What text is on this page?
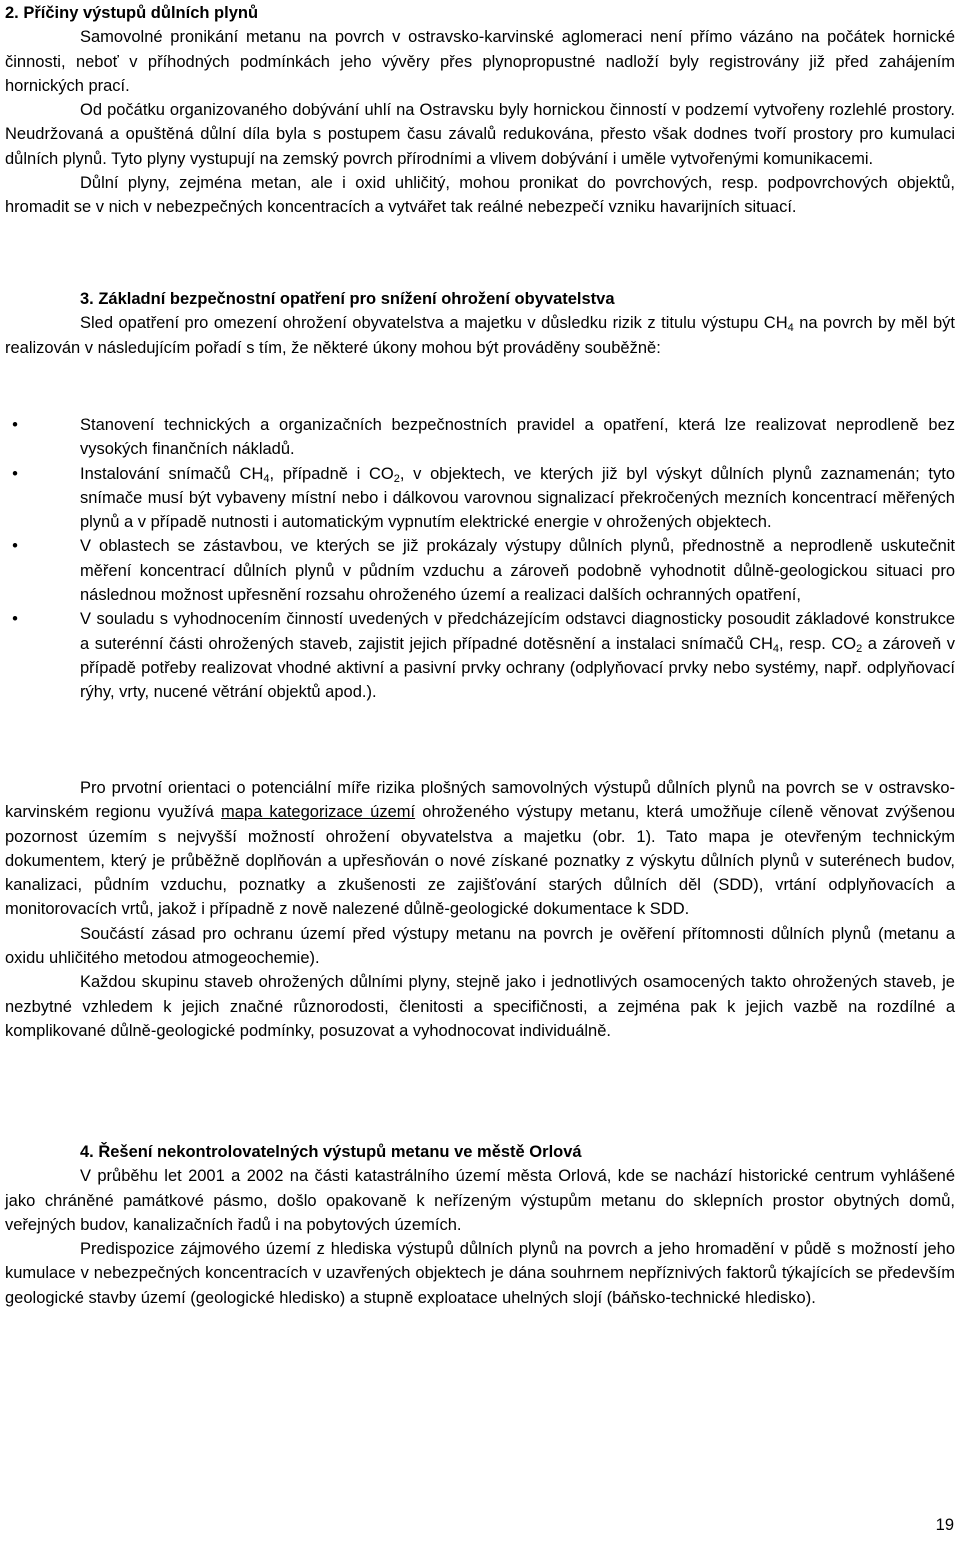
2. Příčiny výstupů důlních plynů

Samovolné pronikání metanu na povrch v ostravsko-karvinské aglomeraci není přímo vázáno na počátek hornické činnosti, neboť v příhodných podmínkách jeho vývěry přes plynopropustné nadloží byly registrovány již před zahájením hornických prací.

Od počátku organizovaného dobývání uhlí na Ostravsku byly hornickou činností v podzemí vytvořeny rozlehlé prostory. Neudržovaná a opuštěná důlní díla byla s postupem času závalů redukována, přesto však dodnes tvoří prostory pro kumulaci důlních plynů. Tyto plyny vystupují na zemský povrch přírodními a vlivem dobývání i uměle vytvořenými komunikacemi.

Důlní plyny, zejména metan, ale i oxid uhličitý, mohou pronikat do povrchových, resp. podpovrchových objektů, hromadit se v nich v nebezpečných koncentracích a vytvářet tak reálné nebezpečí vzniku havarijních situací.

3. Základní bezpečnostní opatření pro snížení ohrožení obyvatelstva

Sled opatření pro omezení ohrožení obyvatelstva a majetku v důsledku rizik z titulu výstupu $CH_4$ na povrch by měl být realizován v následujícím pořadí s tím, že některé úkony mohou být prováděny souběžně:

•	Stanovení technických a organizačních bezpečnostních pravidel a opatření, která lze realizovat neprodleně bez vysokých finančních nákladů.

•	Instalování snímačů $CH_4$, případně i $CO_2$, v objektech, ve kterých již byl výskyt důlních plynů zaznamenán; tyto snímače musí být vybaveny místní nebo i dálkovou varovnou signalizací překročených mezních koncentrací měřených plynů a v případě nutnosti i automatickým vypnutím elektrické energie v ohrožených objektech.

•	V oblastech se zástavbou, ve kterých se již prokázaly výstupy důlních plynů, přednostně a neprodleně uskutečnit měření koncentrací důlních plynů v půdním vzduchu a zároveň podobně vyhodnotit důlně-geologickou situaci pro následnou možnost upřesnění rozsahu ohroženého území a realizaci dalších ochranných opatření,

•	V souladu s vyhodnocením činností uvedených v předcházejícím odstavci diagnosticky posoudit základové konstrukce a suterénní části ohrožených staveb, zajistit jejich případné dotěsnění a instalaci snímačů $CH_4$, resp. $CO_2$ a zároveň v případě potřeby realizovat vhodné aktivní a pasivní prvky ochrany (odplyňovací prvky nebo systémy, např. odplyňovací rýhy, vrty, nucené větrání objektů apod.).

Pro prvotní orientaci o potenciální míře rizika plošných samovolných výstupů důlních plynů na povrch se v ostravsko-karvinském regionu využívá mapa kategorizace území ohroženého výstupy metanu, která umožňuje cíleně věnovat zvýšenou pozornost územím s nejvyšší možností ohrožení obyvatelstva a majetku (obr. 1). Tato mapa je otevřeným technickým dokumentem, který je průběžně doplňován a upřesňován o nové získané poznatky z výskytu důlních plynů v suterénech budov, kanalizaci, půdním vzduchu, poznatky a zkušenosti ze zajišťování starých důlních děl (SDD), vrtání odplyňovacích a monitorovacích vrtů, jakož i případně z nově nalezené důlně-geologické dokumentace k SDD.

Součástí zásad pro ochranu území před výstupy metanu na povrch je ověření přítomnosti důlních plynů (metanu a oxidu uhličitého metodou atmogeochemie).

Každou skupinu staveb ohrožených důlními plyny, stejně jako i jednotlivých osamocených takto ohrožených staveb, je nezbytné vzhledem k jejich značné různorodosti, členitosti a specifičnosti, a zejména pak k jejich vazbě na rozdílné a komplikované důlně-geologické podmínky, posuzovat a vyhodnocovat individuálně.

4. Řešení nekontrolovatelných výstupů metanu ve městě Orlová

V průběhu let 2001 a 2002 na části katastrálního území města Orlová, kde se nachází historické centrum vyhlášené jako chráněné památkové pásmo, došlo opakovaně k neřízeným výstupům metanu do sklepních prostor obytných domů, veřejných budov, kanalizačních řadů i na pobytových územích.

Predispozice zájmového území z hlediska výstupů důlních plynů na povrch a jeho hromadění v půdě s možností jeho kumulace v nebezpečných koncentracích v uzavřených objektech je dána souhrnem nepříznivých faktorů týkajících se především geologické stavby území (geologické hledisko) a stupně exploatace uhelných slojí (báňsko-technické hledisko).

19
